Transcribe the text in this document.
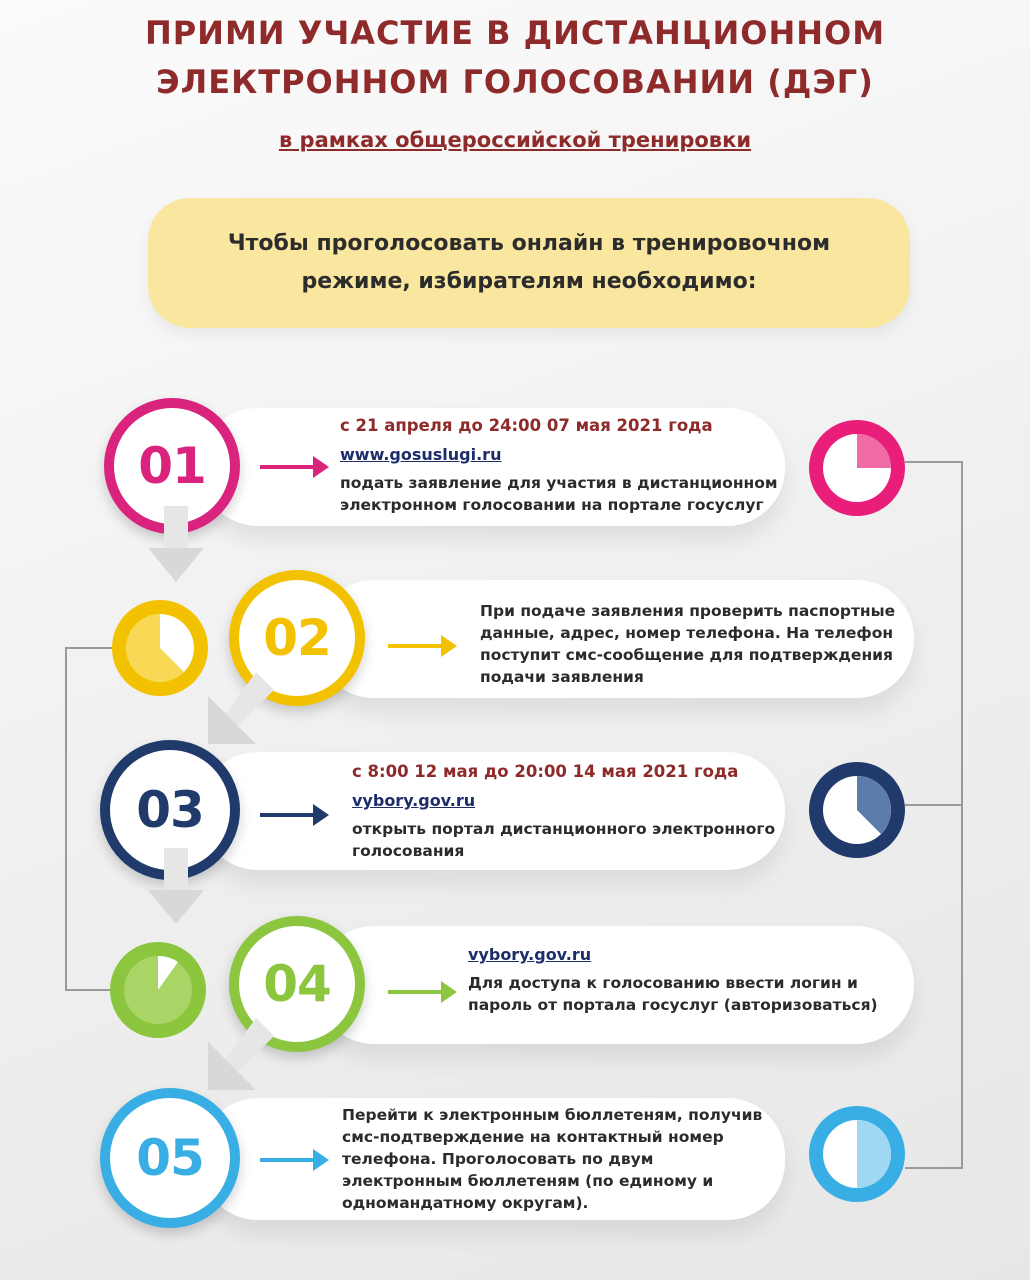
ПРИМИ УЧАСТИЕ В ДИСТАНЦИОННОМ
ЭЛЕКТРОННОМ ГОЛОСОВАНИИ (ДЭГ)
в рамках общероссийской тренировки
Чтобы проголосовать онлайн в тренировочном
режиме, избирателям необходимо:
01
с 21 апреля до 24:00 07 мая 2021 года
www.gosuslugi.ru
подать заявление для участия в дистанционном
электронном голосовании на портале госуслуг
02	При подаче заявления проверить паспортные
данные, адрес, номер телефона. На телефон
поступит смс-сообщение для подтверждения
подачи заявления
03
с 8:00 12 мая до 20:00 14 мая 2021 года
vybory.gov.ru
открыть портал дистанционного электронного
голосования
04
vybory.gov.ru
Для доступа к голосованию ввести логин и
пароль от портала госуслуг (авторизоваться)
05
Перейти к электронным бюллетеням, получив
смс-подтверждение на контактный номер
телефона. Проголосовать по двум
электронным бюллетеням (по единому и
одномандатному округам).
